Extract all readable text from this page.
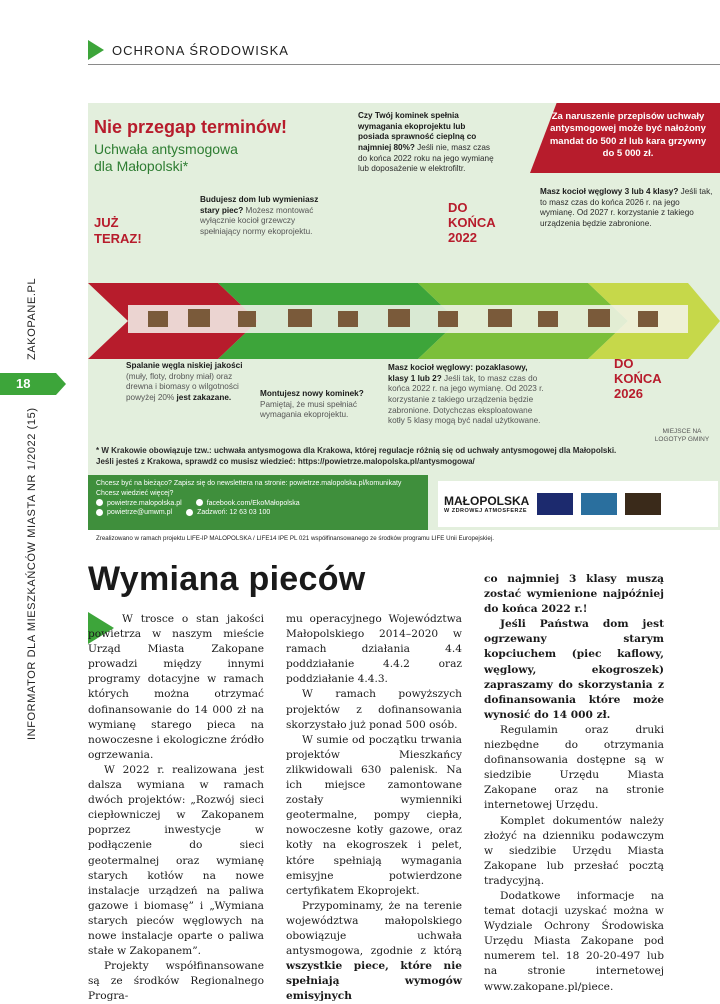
OCHRONA ŚRODOWISKA
ZAKOPANE.PL
INFORMATOR DLA MIESZKAŃCÓW MIASTA NR 1/2022 (15)
18
Za naruszenie przepisów uchwały antysmogowej może być nałożony mandat do 500 zł lub kara grzywny do 5 000 zł.
Nie przegap terminów!
Uchwała antysmogowa dla Małopolski*
JUŻ TERAZ!
Czy Twój kominek spełnia wymagania ekoprojektu lub posiada sprawność cieplną co najmniej 80%? Jeśli nie, masz czas do końca 2022 roku na jego wymianę lub doposażenie w elektrofiltr.
Budujesz dom lub wymieniasz stary piec? Możesz montować wyłącznie kocioł grzewczy spełniający normy ekoprojektu.
DO KOŃCA 2022
Masz kocioł węglowy 3 lub 4 klasy? Jeśli tak, to masz czas do końca 2026 r. na jego wymianę. Od 2027 r. korzystanie z takiego urządzenia będzie zabronione.
Spalanie węgla niskiej jakości (muły, floty, drobny miał) oraz drewna i biomasy o wilgotności powyżej 20% jest zakazane.	Montujesz nowy kominek? Pamiętaj, że musi spełniać wymagania ekoprojektu.
Masz kocioł węglowy: pozaklasowy, klasy 1 lub 2? Jeśli tak, to masz czas do końca 2022 r. na jego wymianę. Od 2023 r. korzystanie z takiego urządzenia będzie zabronione. Dotychczas eksploatowane kotły 5 klasy mogą być nadal użytkowane.
DO KOŃCA 2026
MIEJSCE NA LOGOTYP GMINY
* W Krakowie obowiązuje tzw.: uchwała antysmogowa dla Krakowa, której regulacje różnią się od uchwały antysmogowej dla Małopolski.
Jeśli jesteś z Krakowa, sprawdź co musisz wiedzieć: https://powietrze.malopolska.pl/antysmogowa/
Chcesz być na bieżąco? Zapisz się do newslettera na stronie: powietrze.malopolska.pl/komunikaty
Chcesz wiedzieć więcej?
powietrze.malopolska.pl	facebook.com/EkoMałopolska
powietrze@umwm.pl	Zadzwoń: 12 63 03 100
MAŁOPOLSKA
W ZDROWEJ ATMOSFERZE
Zrealizowano w ramach projektu LIFE-IP MALOPOLSKA / LIFE14 IPE PL 021 współfinansowanego ze środków programu LIFE Unii Europejskiej.
Wymiana pieców

W trosce o stan jakości powietrza w naszym mieście Urząd Miasta Zakopane prowadzi między innymi programy dotacyjne w ramach których można otrzymać dofinansowanie do 14 000 zł na wymianę starego pieca na nowoczesne i ekologiczne źródło ogrzewania.

W 2022 r. realizowana jest dalsza wymiana w ramach dwóch projektów: „Rozwój sieci ciepłowniczej w Zakopanem poprzez inwestycje w podłączenie do sieci geotermalnej oraz wymianę starych kotłów na nowe instalacje urządzeń na paliwa gazowe i biomasę” i „Wymiana starych pieców węglowych na nowe instalacje oparte o paliwa stałe w Zakopanem”.

Projekty współfinansowane są ze środków Regionalnego Progra-

mu operacyjnego Województwa Małopolskiego 2014–2020 w ramach działania 4.4 poddziałanie 4.4.2 oraz poddziałanie 4.4.3.

W ramach powyższych projektów z dofinansowania skorzystało już ponad 500 osób.

W sumie od początku trwania projektów Mieszkańcy zlikwidowali 630 palenisk. Na ich miejsce zamontowane zostały wymienniki geotermalne, pompy ciepła, nowoczesne kotły gazowe, oraz kotły na ekogroszek i pelet, które spełniają wymagania emisyjne potwierdzone certyfikatem Ekoprojekt.

Przypominamy, że na terenie województwa małopolskiego obowiązuje uchwała antysmogowa, zgodnie z którą wszystkie piece, które nie spełniają wymogów emisyjnych

co najmniej 3 klasy muszą zostać wymienione najpóźniej do końca 2022 r.!

Jeśli Państwa dom jest ogrzewany starym kopciuchem (piec kaflowy, węglowy, ekogroszek) zapraszamy do skorzystania z dofinansowania które może wynosić do 14 000 zł.

Regulamin oraz druki niezbędne do otrzymania dofinansowania dostępne są w siedzibie Urzędu Miasta Zakopane oraz na stronie internetowej Urzędu.

Komplet dokumentów należy złożyć na dzienniku podawczym w siedzibie Urzędu Miasta Zakopane lub przesłać pocztą tradycyjną.

Dodatkowe informacje na temat dotacji uzyskać można w Wydziale Ochrony Środowiska Urzędu Miasta Zakopane pod numerem tel. 18 20-20-497 lub na stronie internetowej www.zakopane.pl/piece.
